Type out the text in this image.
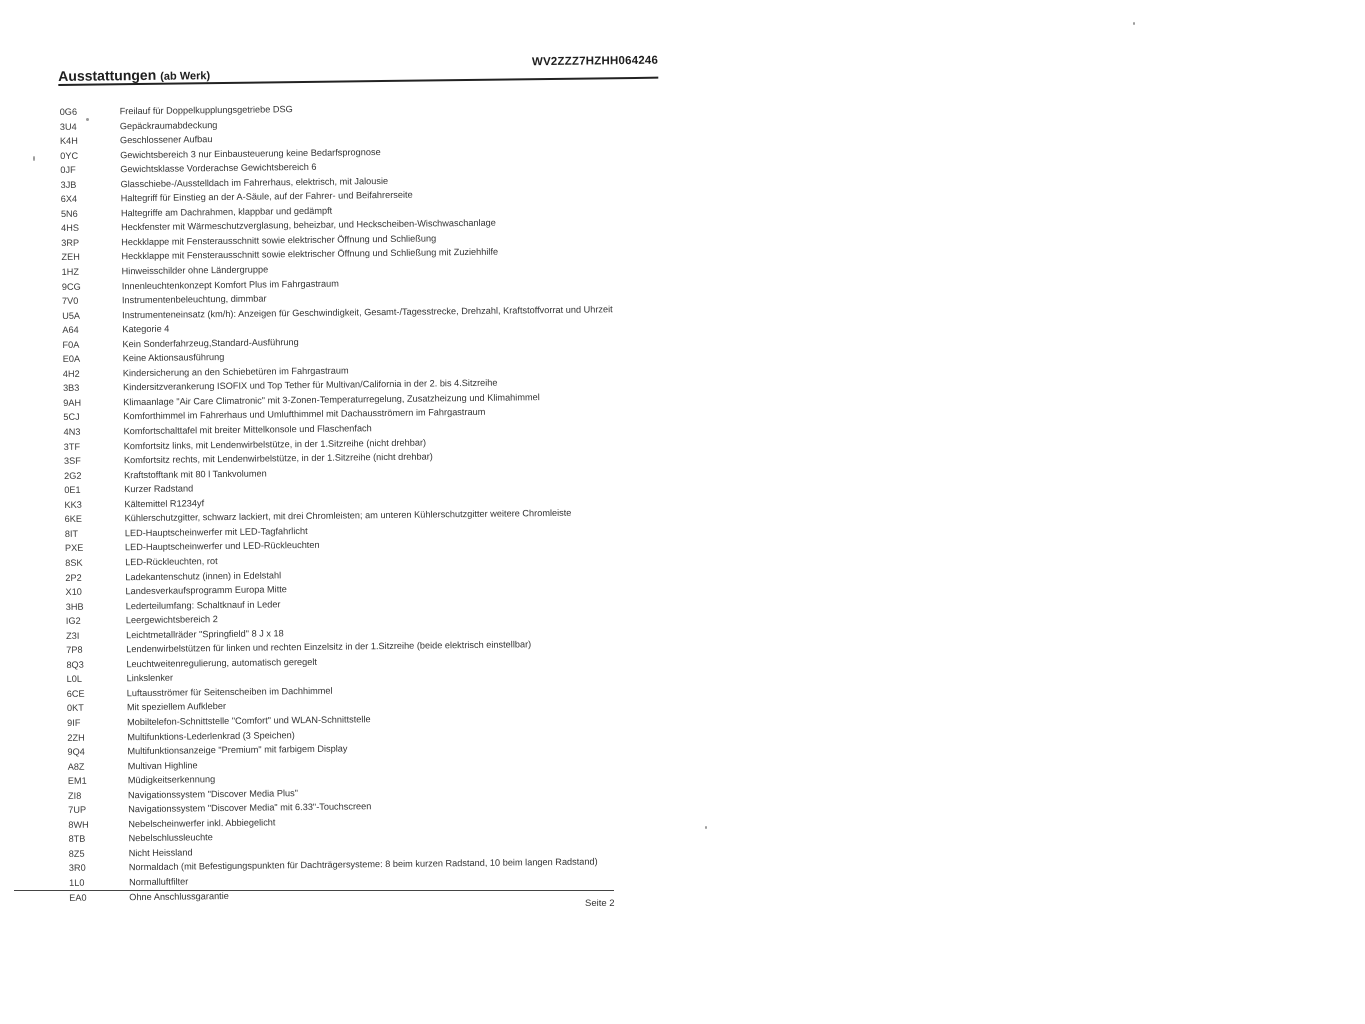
Ausstattungen (ab Werk)
WV2ZZZ7HZHH064246
0G6	Freilauf für Doppelkupplungsgetriebe DSG
3U4	Gepäckraumabdeckung
K4H	Geschlossener Aufbau
0YC	Gewichtsbereich 3 nur Einbausteuerung keine Bedarfsprognose
0JF	Gewichtsklasse Vorderachse Gewichtsbereich 6
3JB	Glasschiebe-/Ausstelldach im Fahrerhaus, elektrisch, mit Jalousie
6X4	Haltegriff für Einstieg an der A-Säule, auf der Fahrer- und Beifahrerseite
5N6	Haltegriffe am Dachrahmen, klappbar und gedämpft
4HS	Heckfenster mit Wärmeschutzverglasung, beheizbar, und Heckscheiben-Wischwaschanlage
3RP	Heckklappe mit Fensterausschnitt sowie elektrischer Öffnung und Schließung
ZEH	Heckklappe mit Fensterausschnitt sowie elektrischer Öffnung und Schließung mit Zuziehhilfe
1HZ	Hinweisschilder ohne Ländergruppe
9CG	Innenleuchtenkonzept Komfort Plus im Fahrgastraum
7V0	Instrumentenbeleuchtung, dimmbar
U5A	Instrumenteneinsatz (km/h): Anzeigen für Geschwindigkeit, Gesamt-/Tagesstrecke, Drehzahl, Kraftstoffvorrat und Uhrzeit
A64	Kategorie 4
F0A	Kein Sonderfahrzeug,Standard-Ausführung
E0A	Keine Aktionsausführung
4H2	Kindersicherung an den Schiebetüren im Fahrgastraum
3B3	Kindersitzverankerung ISOFIX und Top Tether für Multivan/California in der 2. bis 4.Sitzreihe
9AH	Klimaanlage "Air Care Climatronic" mit 3-Zonen-Temperaturregelung, Zusatzheizung und Klimahimmel
5CJ	Komforthimmel im Fahrerhaus und Umlufthimmel mit Dachausströmern im Fahrgastraum
4N3	Komfortschalttafel mit breiter Mittelkonsole und Flaschenfach
3TF	Komfortsitz links, mit Lendenwirbelstütze, in der 1.Sitzreihe (nicht drehbar)
3SF	Komfortsitz rechts, mit Lendenwirbelstütze, in der 1.Sitzreihe (nicht drehbar)
2G2	Kraftstofftank mit 80 l Tankvolumen
0E1	Kurzer Radstand
KK3	Kältemittel R1234yf
6KE	Kühlerschutzgitter, schwarz lackiert, mit drei Chromleisten; am unteren Kühlerschutzgitter weitere Chromleiste
8IT	LED-Hauptscheinwerfer mit LED-Tagfahrlicht
PXE	LED-Hauptscheinwerfer und LED-Rückleuchten
8SK	LED-Rückleuchten, rot
2P2	Ladekantenschutz (innen) in Edelstahl
X10	Landesverkaufsprogramm Europa Mitte
3HB	Lederteilumfang: Schaltknauf in Leder
IG2	Leergewichtsbereich 2
Z3I	Leichtmetallräder "Springfield" 8 J x 18
7P8	Lendenwirbelstützen für linken und rechten Einzelsitz in der 1.Sitzreihe (beide elektrisch einstellbar)
8Q3	Leuchtweitenregulierung, automatisch geregelt
L0L	Linkslenker
6CE	Luftausströmer für Seitenscheiben im Dachhimmel
0KT	Mit speziellem Aufkleber
9IF	Mobiltelefon-Schnittstelle "Comfort" und WLAN-Schnittstelle
2ZH	Multifunktions-Lederlenkrad (3 Speichen)
9Q4	Multifunktionsanzeige "Premium" mit farbigem Display
A8Z	Multivan Highline
EM1	Müdigkeitserkennung
ZI8	Navigationssystem "Discover Media Plus"
7UP	Navigationssystem "Discover Media" mit 6.33"-Touchscreen
8WH	Nebelscheinwerfer inkl. Abbiegelicht
8TB	Nebelschlussleuchte
8Z5	Nicht Heissland
3R0	Normaldach (mit Befestigungspunkten für Dachträgersysteme: 8 beim kurzen Radstand, 10 beim langen Radstand)
1L0	Normalluftfilter
EA0	Ohne Anschlussgarantie
Seite 2
